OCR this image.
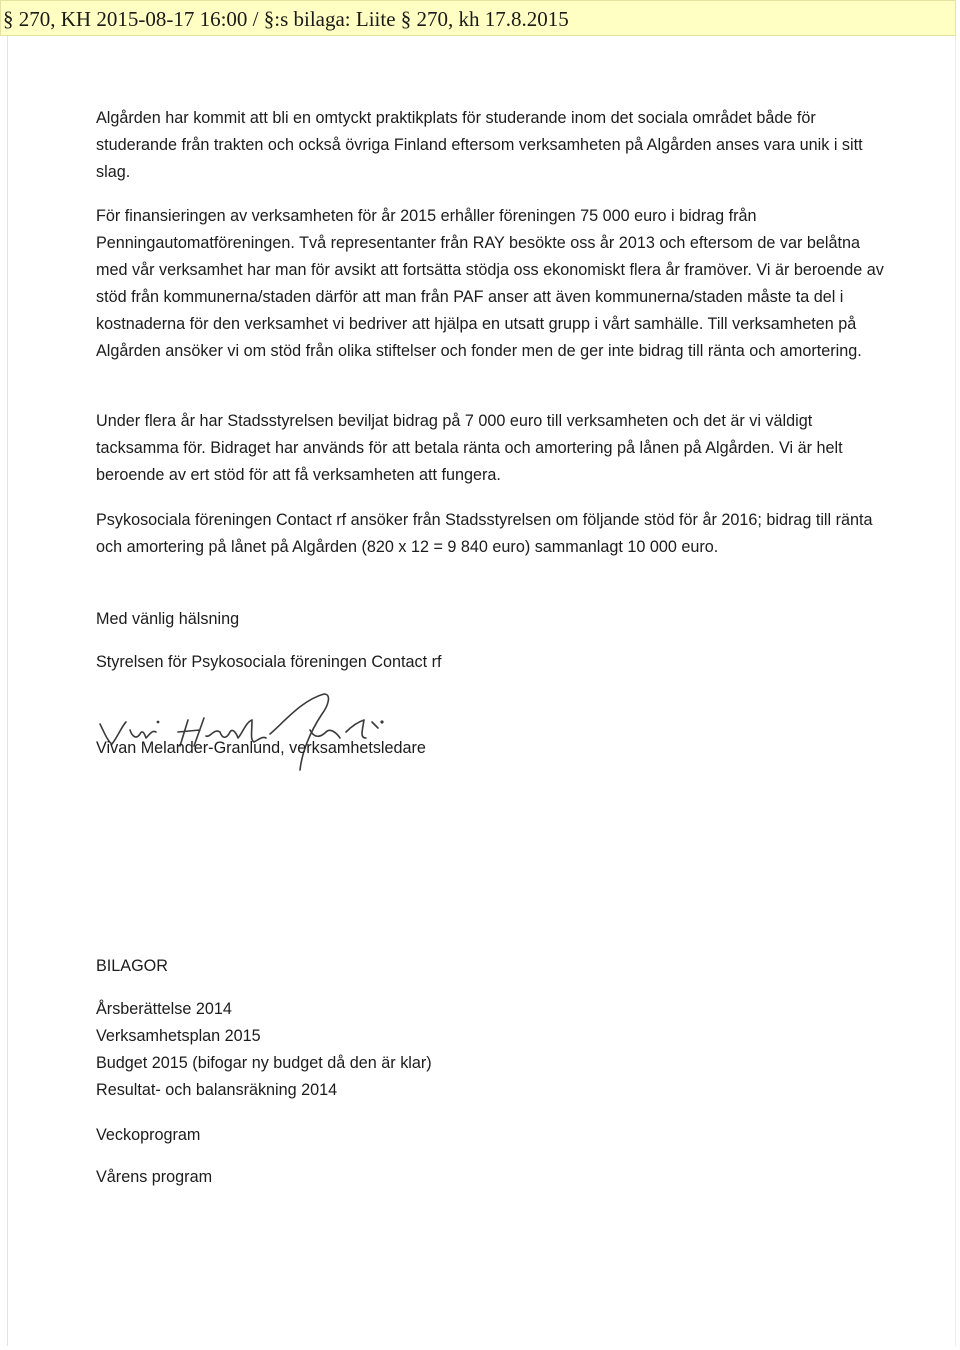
§ 270, KH 2015-08-17 16:00 / §:s bilaga: Liite § 270, kh 17.8.2015

Algården har kommit att bli en omtyckt praktikplats för studerande inom det sociala området både för studerande från trakten och också övriga Finland eftersom verksamheten på Algården anses vara unik i sitt slag.

För finansieringen av verksamheten för år 2015 erhåller föreningen 75 000 euro i bidrag från Penningautomatföreningen. Två representanter från RAY besökte oss år 2013 och eftersom de var belåtna med vår verksamhet har man för avsikt att fortsätta stödja oss ekonomiskt flera år framöver. Vi är beroende av stöd från kommunerna/staden därför att man från PAF anser att även kommunerna/staden måste ta del i kostnaderna för den verksamhet vi bedriver att hjälpa en utsatt grupp i vårt samhälle. Till verksamheten på Algården ansöker vi om stöd från olika stiftelser och fonder men de ger inte bidrag till ränta och amortering.

Under flera år har Stadsstyrelsen beviljat bidrag på 7 000 euro till verksamheten och det är vi väldigt tacksamma för. Bidraget har används för att betala ränta och amortering på lånen på Algården. Vi är helt beroende av ert stöd för att få verksamheten att fungera.

Psykosociala föreningen Contact rf ansöker från Stadsstyrelsen om följande stöd för år 2016; bidrag till ränta och amortering på lånet på Algården (820 x 12 = 9 840 euro) sammanlagt 10 000 euro.

Med vänlig hälsning

Styrelsen för Psykosociala föreningen Contact rf

Vivan Melander-Granlund, verksamhetsledare

BILAGOR

Årsberättelse 2014
Verksamhetsplan 2015
Budget 2015 (bifogar ny budget då den är klar)
Resultat- och balansräkning 2014
Veckoprogram
Vårens program
